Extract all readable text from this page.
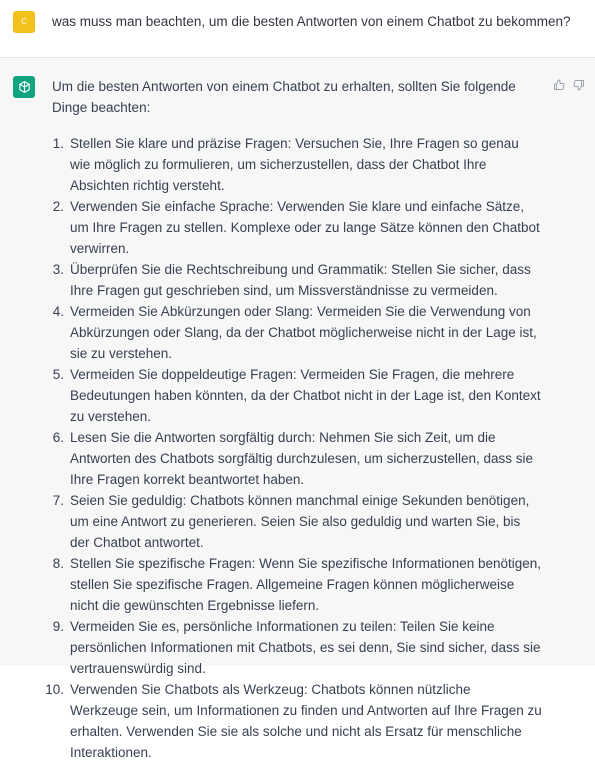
C	was muss man beachten, um die besten Antworten von einem Chatbot zu bekommen?

Um die besten Antworten von einem Chatbot zu erhalten, sollten Sie folgende Dinge beachten:

1. Stellen Sie klare und präzise Fragen: Versuchen Sie, Ihre Fragen so genau wie möglich zu formulieren, um sicherzustellen, dass der Chatbot Ihre Absichten richtig versteht.
2. Verwenden Sie einfache Sprache: Verwenden Sie klare und einfache Sätze, um Ihre Fragen zu stellen. Komplexe oder zu lange Sätze können den Chatbot verwirren.
3. Überprüfen Sie die Rechtschreibung und Grammatik: Stellen Sie sicher, dass Ihre Fragen gut geschrieben sind, um Missverständnisse zu vermeiden.
4. Vermeiden Sie Abkürzungen oder Slang: Vermeiden Sie die Verwendung von Abkürzungen oder Slang, da der Chatbot möglicherweise nicht in der Lage ist, sie zu verstehen.
5. Vermeiden Sie doppeldeutige Fragen: Vermeiden Sie Fragen, die mehrere Bedeutungen haben könnten, da der Chatbot nicht in der Lage ist, den Kontext zu verstehen.
6. Lesen Sie die Antworten sorgfältig durch: Nehmen Sie sich Zeit, um die Antworten des Chatbots sorgfältig durchzulesen, um sicherzustellen, dass sie Ihre Fragen korrekt beantwortet haben.
7. Seien Sie geduldig: Chatbots können manchmal einige Sekunden benötigen, um eine Antwort zu generieren. Seien Sie also geduldig und warten Sie, bis der Chatbot antwortet.
8. Stellen Sie spezifische Fragen: Wenn Sie spezifische Informationen benötigen, stellen Sie spezifische Fragen. Allgemeine Fragen können möglicherweise nicht die gewünschten Ergebnisse liefern.
9. Vermeiden Sie es, persönliche Informationen zu teilen: Teilen Sie keine persönlichen Informationen mit Chatbots, es sei denn, Sie sind sicher, dass sie vertrauenswürdig sind.
10. Verwenden Sie Chatbots als Werkzeug: Chatbots können nützliche Werkzeuge sein, um Informationen zu finden und Antworten auf Ihre Fragen zu erhalten. Verwenden Sie sie als solche und nicht als Ersatz für menschliche Interaktionen.
